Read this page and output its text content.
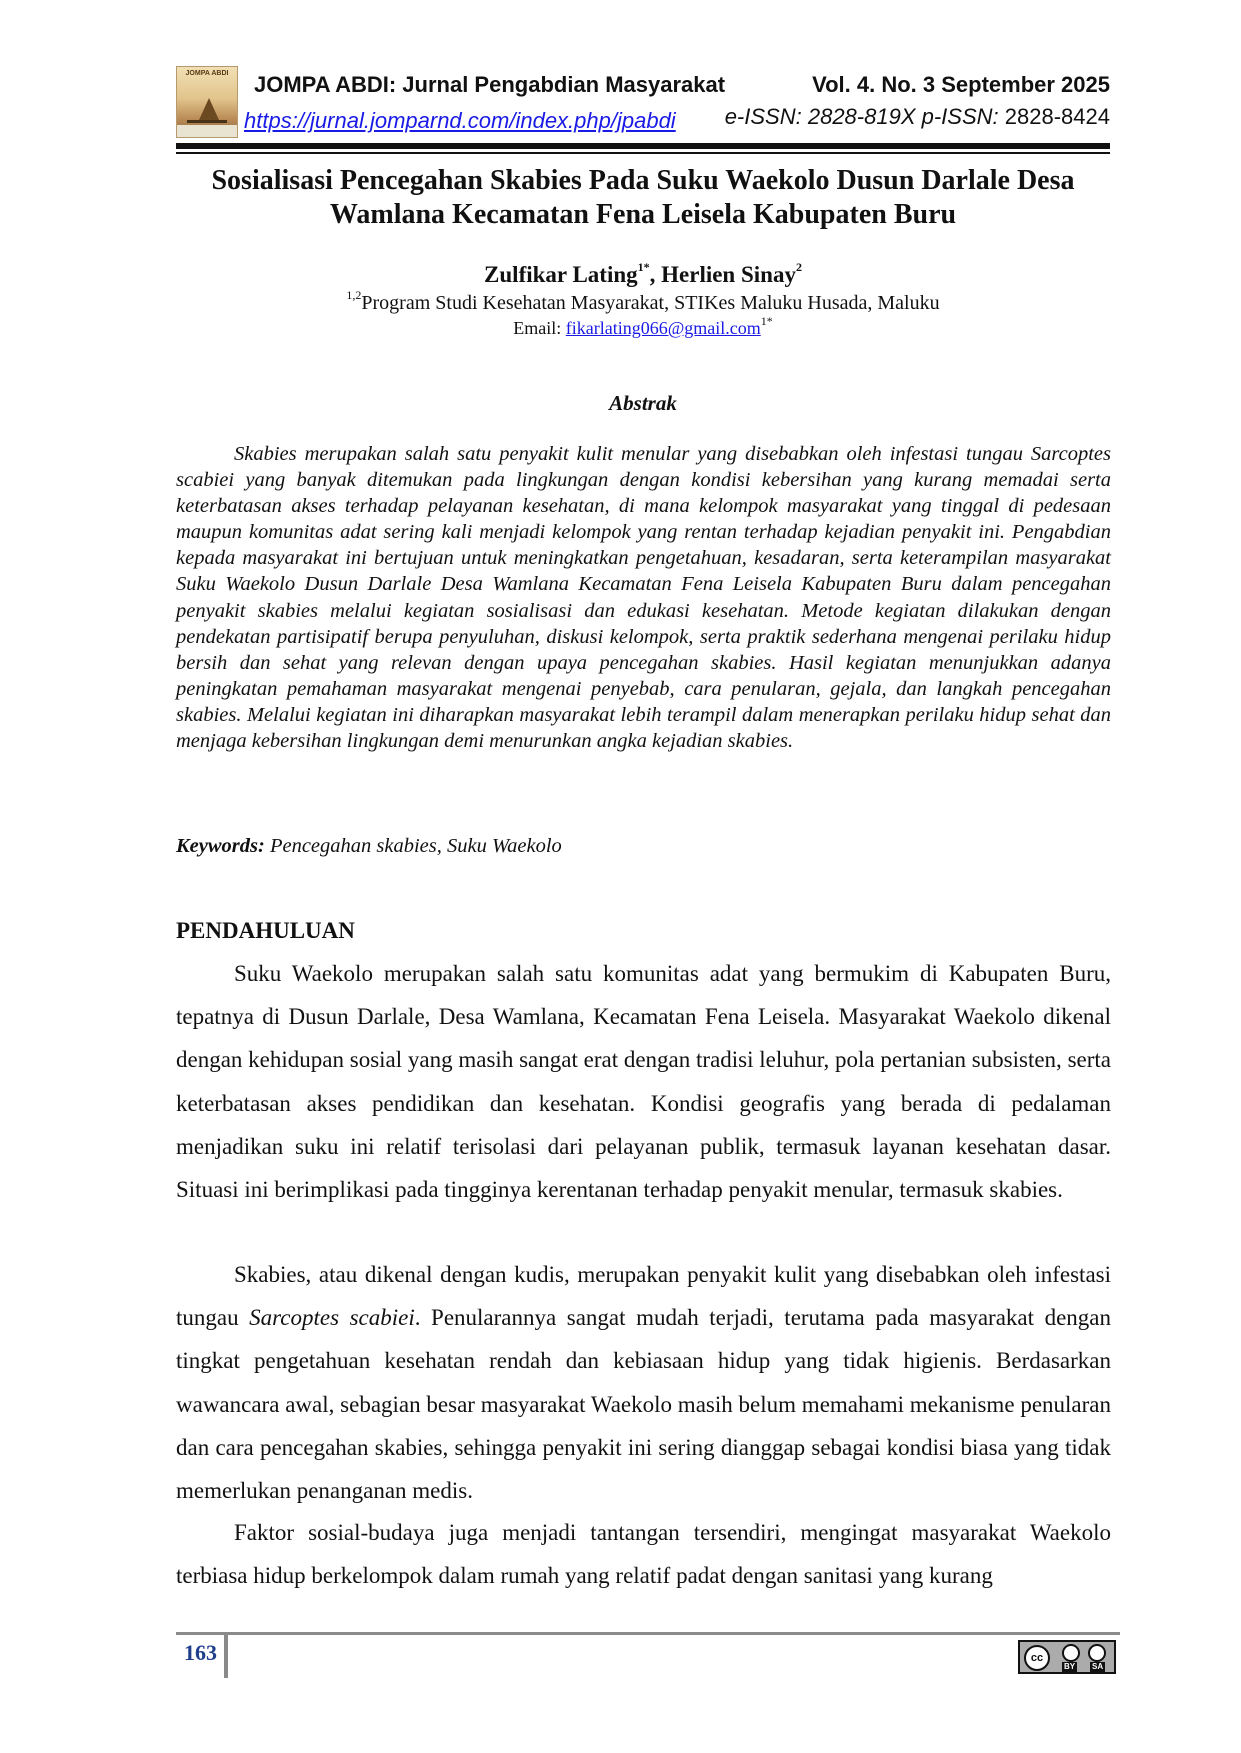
JOMPA ABDI JOMPA ABDI: Jurnal Pengabdian Masyarakat
https://jurnal.jomparnd.com/index.php/jpabdi
Vol. 4. No. 3 September 2025
e-ISSN: 2828-819X p-ISSN: 2828-8424
Sosialisasi Pencegahan Skabies Pada Suku Waekolo Dusun Darlale Desa Wamlana Kecamatan Fena Leisela Kabupaten Buru
Zulfikar Lating$^{1*}$, Herlien Sinay$^2$
$^{1,2}$Program Studi Kesehatan Masyarakat, STIKes Maluku Husada, Maluku
Email: fikarlating066@gmail.com$^{1*}$
Abstrak

Skabies merupakan salah satu penyakit kulit menular yang disebabkan oleh infestasi tungau Sarcoptes scabiei yang banyak ditemukan pada lingkungan dengan kondisi kebersihan yang kurang memadai serta keterbatasan akses terhadap pelayanan kesehatan, di mana kelompok masyarakat yang tinggal di pedesaan maupun komunitas adat sering kali menjadi kelompok yang rentan terhadap kejadian penyakit ini. Pengabdian kepada masyarakat ini bertujuan untuk meningkatkan pengetahuan, kesadaran, serta keterampilan masyarakat Suku Waekolo Dusun Darlale Desa Wamlana Kecamatan Fena Leisela Kabupaten Buru dalam pencegahan penyakit skabies melalui kegiatan sosialisasi dan edukasi kesehatan. Metode kegiatan dilakukan dengan pendekatan partisipatif berupa penyuluhan, diskusi kelompok, serta praktik sederhana mengenai perilaku hidup bersih dan sehat yang relevan dengan upaya pencegahan skabies. Hasil kegiatan menunjukkan adanya peningkatan pemahaman masyarakat mengenai penyebab, cara penularan, gejala, dan langkah pencegahan skabies. Melalui kegiatan ini diharapkan masyarakat lebih terampil dalam menerapkan perilaku hidup sehat dan menjaga kebersihan lingkungan demi menurunkan angka kejadian skabies.

Keywords: Pencegahan skabies, Suku Waekolo
PENDAHULUAN

Suku Waekolo merupakan salah satu komunitas adat yang bermukim di Kabupaten Buru, tepatnya di Dusun Darlale, Desa Wamlana, Kecamatan Fena Leisela. Masyarakat Waekolo dikenal dengan kehidupan sosial yang masih sangat erat dengan tradisi leluhur, pola pertanian subsisten, serta keterbatasan akses pendidikan dan kesehatan. Kondisi geografis yang berada di pedalaman menjadikan suku ini relatif terisolasi dari pelayanan publik, termasuk layanan kesehatan dasar. Situasi ini berimplikasi pada tingginya kerentanan terhadap penyakit menular, termasuk skabies.

Skabies, atau dikenal dengan kudis, merupakan penyakit kulit yang disebabkan oleh infestasi tungau Sarcoptes scabiei. Penularannya sangat mudah terjadi, terutama pada masyarakat dengan tingkat pengetahuan kesehatan rendah dan kebiasaan hidup yang tidak higienis. Berdasarkan wawancara awal, sebagian besar masyarakat Waekolo masih belum memahami mekanisme penularan dan cara pencegahan skabies, sehingga penyakit ini sering dianggap sebagai kondisi biasa yang tidak memerlukan penanganan medis.

Faktor sosial-budaya juga menjadi tantangan tersendiri, mengingat masyarakat Waekolo terbiasa hidup berkelompok dalam rumah yang relatif padat dengan sanitasi yang kurang

163	cc
BY SA
